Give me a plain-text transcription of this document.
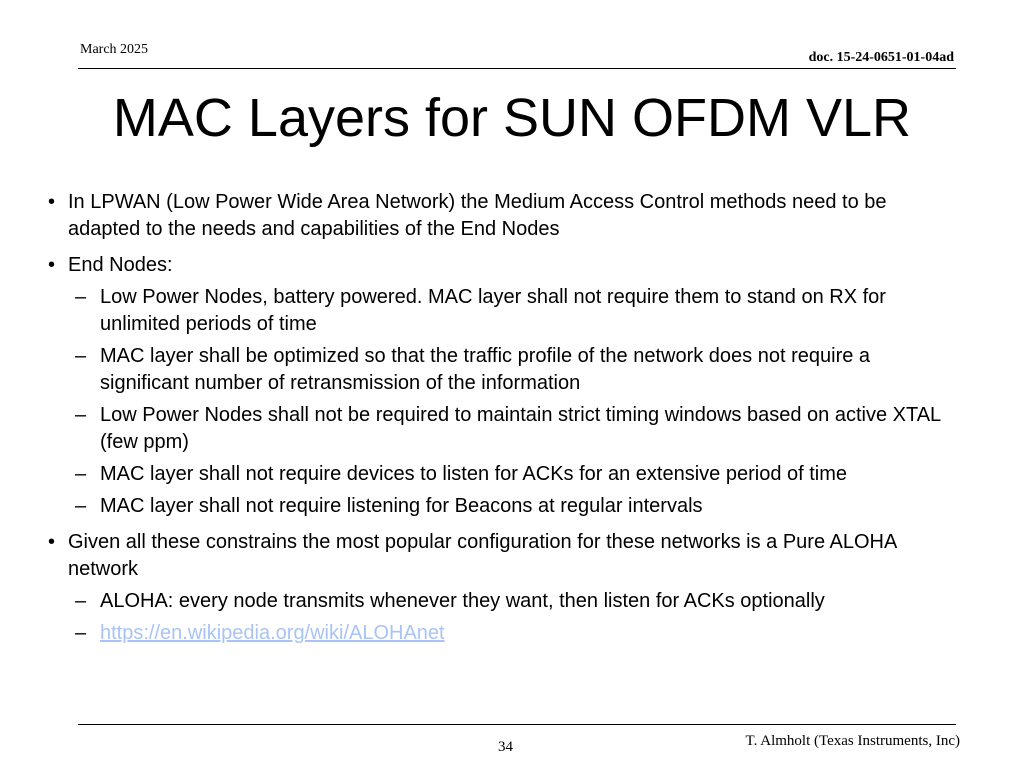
March 2025
doc. 15-24-0651-01-04ad
MAC Layers for SUN OFDM VLR
• In LPWAN (Low Power Wide Area Network) the Medium Access Control methods need to be adapted to the needs and capabilities of the End Nodes
• End Nodes:
– Low Power Nodes, battery powered. MAC layer shall not require them to stand on RX for unlimited periods of time
– MAC layer shall be optimized so that the traffic profile of the network does not require a significant number of retransmission of the information
– Low Power Nodes shall not be required to maintain strict timing windows based on active XTAL (few ppm)
– MAC layer shall not require devices to listen for ACKs for an extensive period of time
– MAC layer shall not require listening for Beacons at regular intervals
• Given all these constrains the most popular configuration for these networks is a Pure ALOHA network
– ALOHA: every node transmits whenever they want, then listen for ACKs optionally
– https://en.wikipedia.org/wiki/ALOHAnet
34	T. Almholt (Texas Instruments, Inc)
